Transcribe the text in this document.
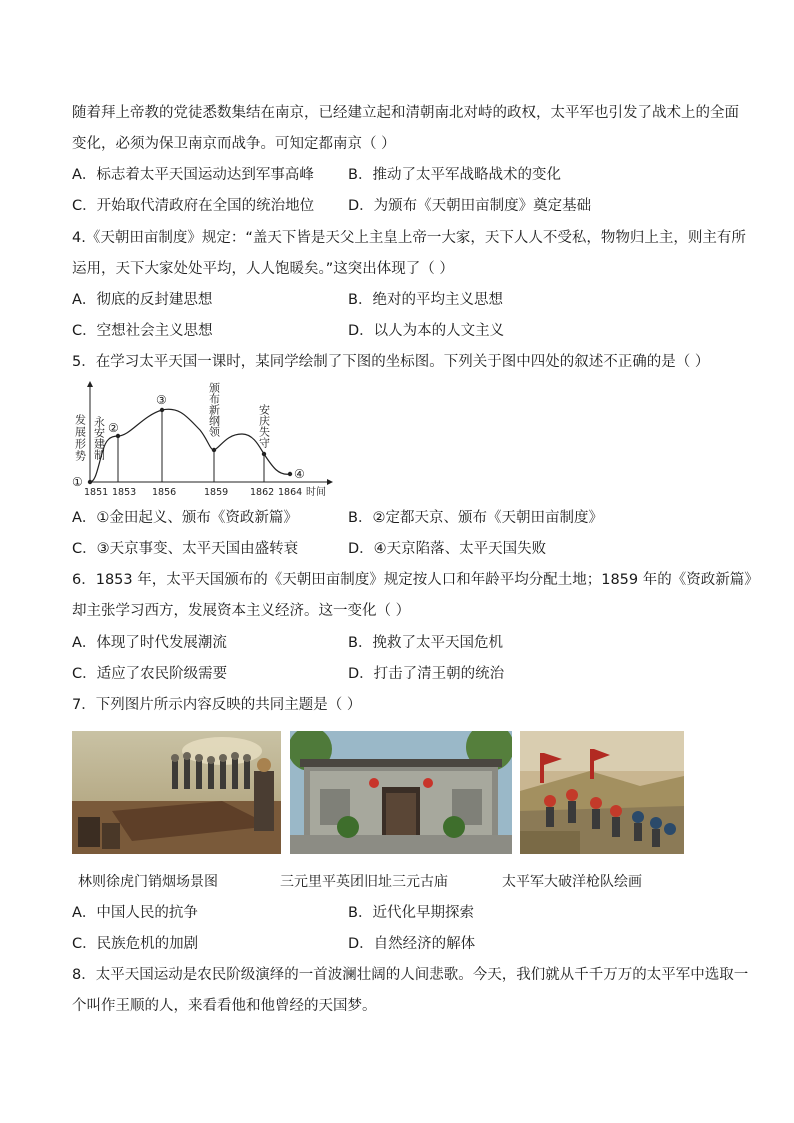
随着拜上帝教的党徒悉数集结在南京，已经建立起和清朝南北对峙的政权，太平军也引发了战术上的全面
变化，必须为保卫南京而战争。可知定都南京（ ）
A．标志着太平天国运动达到军事高峰 B．推动了太平军战略战术的变化
C．开始取代清政府在全国的统治地位 D．为颁布《天朝田亩制度》奠定基础
4.《天朝田亩制度》规定：“盖天下皆是天父上主皇上帝一大家，天下人人不受私，物物归上主，则主有所
运用，天下大家处处平均，人人饱暖矣。”这突出体现了（ ）
A．彻底的反封建思想	B．绝对的平均主义思想
C．空想社会主义思想	D．以人为本的人文主义
5．在学习太平天国一课时，某同学绘制了下图的坐标图。下列关于图中四处的叙述不正确的是（ ）
发展形势
①
②
③
④
永安建制
颁布新纲领	安庆失守
1851 1853 1856	1859 1862 1864 时间
A．①金田起义、颁布《资政新篇》	B．②定都天京、颁布《天朝田亩制度》
C．③天京事变、太平天国由盛转衰	D．④天京陷落、太平天国失败
6．1853 年，太平天国颁布的《天朝田亩制度》规定按人口和年龄平均分配土地；1859 年的《资政新篇》
却主张学习西方，发展资本主义经济。这一变化（ ）
A．体现了时代发展潮流	B．挽救了太平天国危机
C．适应了农民阶级需要	D．打击了清王朝的统治
7．下列图片所示内容反映的共同主题是（ ）
林则徐虎门销烟场景图	三元里平英团旧址三元古庙	太平军大破洋枪队绘画
A．中国人民的抗争	B．近代化早期探索
C．民族危机的加剧	D．自然经济的解体
8．太平天国运动是农民阶级演绎的一首波澜壮阔的人间悲歌。今天，我们就从千千万万的太平军中选取一
个叫作王顺的人，来看看他和他曾经的天国梦。
